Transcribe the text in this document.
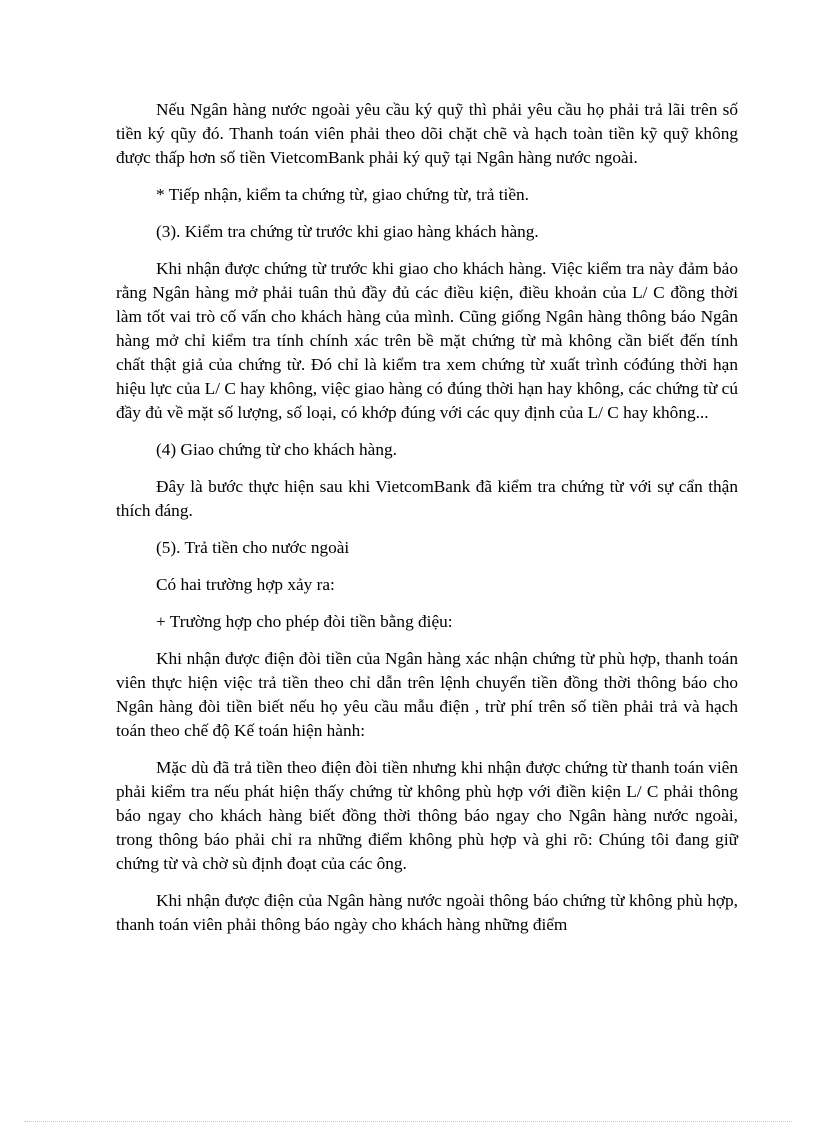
Nếu Ngân hàng nước ngoài yêu cầu ký quỹ thì phải yêu cầu họ phải trả lãi trên số tiền ký qũy đó. Thanh toán viên phải theo dõi chặt chẽ và hạch toàn tiền kỹ quỹ không được thấp hơn số tiền VietcomBank phải ký quỹ tại Ngân hàng nước ngoài.

* Tiếp nhận, kiểm ta chứng từ, giao chứng từ, trả tiền.

(3). Kiểm tra chứng từ trước khi giao hàng khách hàng.

Khi nhận được chứng từ trước khi giao cho khách hàng. Việc kiểm tra này đảm bảo rằng Ngân hàng mở phải tuân thủ đầy đủ các điều kiện, điều khoản của L/ C đồng thời làm tốt vai trò cố vấn cho khách hàng của mình. Cũng giống Ngân hàng thông báo Ngân hàng mở chỉ kiểm tra tính chính xác trên bề mặt chứng từ mà không cần biết đến tính chất thật giả của chứng từ. Đó chỉ là kiểm tra xem chứng từ xuất trình cóđúng thời hạn hiệu lực của L/ C hay không, việc giao hàng có đúng thời hạn hay không, các chứng từ cú đầy đủ về mặt số lượng, số loại, có khớp đúng với các quy định của L/ C hay không...

(4) Giao chứng từ cho khách hàng.

Đây là bước thực hiện sau khi VietcomBank đã kiểm tra chứng từ với sự cẩn thận thích đáng.

(5). Trả tiền cho nước ngoài

Có hai trường hợp xảy ra:

+ Trường hợp cho phép đòi tiền bằng điệu:

Khi nhận được điện đòi tiền của Ngân hàng xác nhận chứng từ phù hợp, thanh toán viên thực hiện việc trả tiền theo chỉ dẫn trên lệnh chuyển tiền đồng thời thông báo cho Ngân hàng đòi tiền biết nếu họ yêu cầu mẫu điện , trừ phí trên số tiền phải trả và hạch toán theo chế độ Kế toán hiện hành:

Mặc dù đã trả tiền theo điện đòi tiền nhưng khi nhận được chứng từ thanh toán viên phải kiểm tra nếu phát hiện thấy chứng từ không phù hợp với điền kiện L/ C phải thông báo ngay cho khách hàng biết đồng thời thông báo ngay cho Ngân hàng nước ngoài, trong thông báo phải chỉ ra những điểm không phù hợp và ghi rõ: Chúng tôi đang giữ chứng từ và chờ sù định đoạt của các ông.

Khi nhận được điện của Ngân hàng nước ngoài thông báo chứng từ không phù hợp, thanh toán viên phải thông báo ngày cho khách hàng những điểm
